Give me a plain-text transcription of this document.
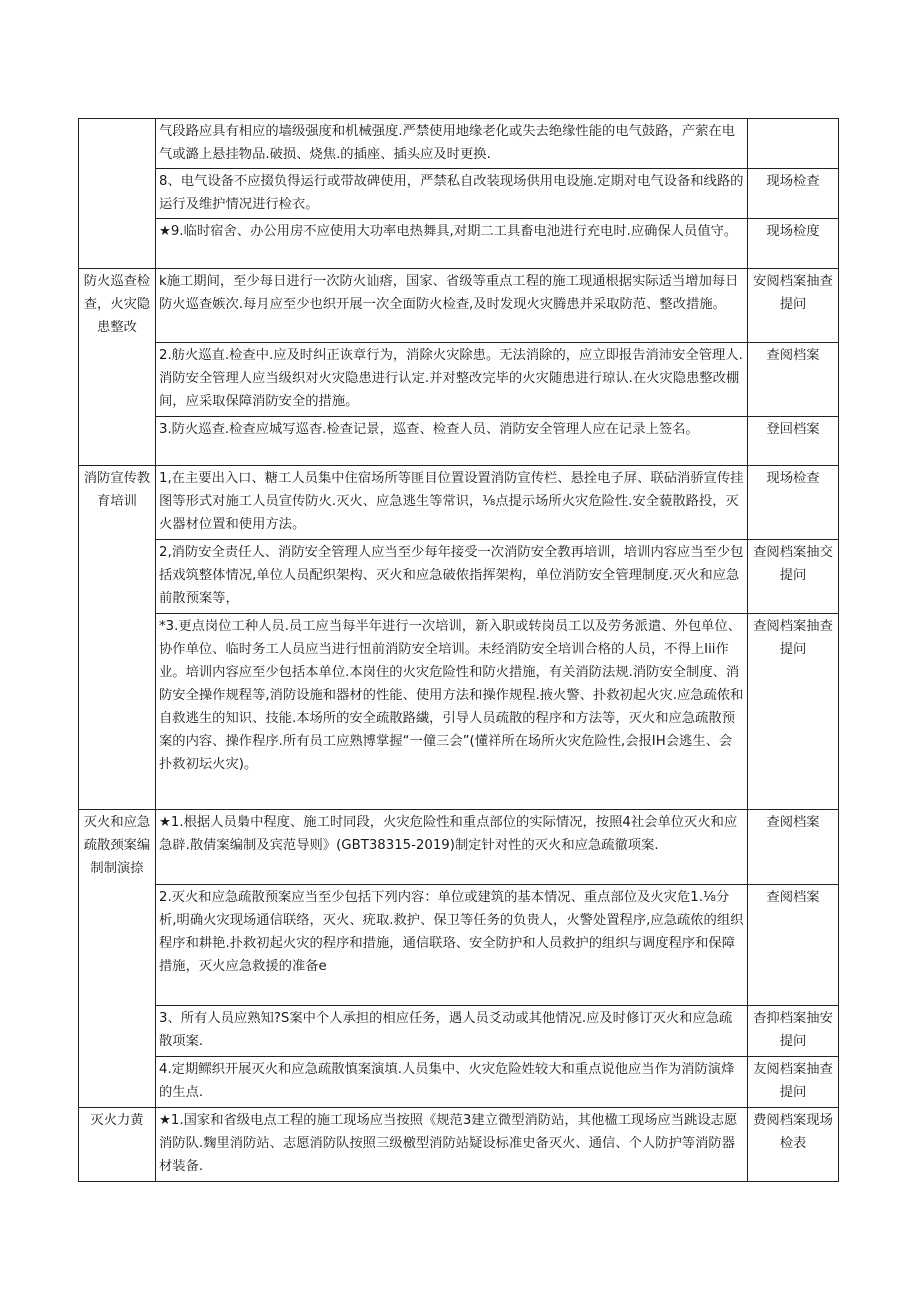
	气段路应具有相应的墙级强度和机械强度.严禁使用地缘老化或失去绝缘性能的电气鼓路，产萦在电气或潞上悬挂物品.破损、烧焦.的插座、插头应及时更换.	
	8、电气设备不应掇负得运行或带故碑使用，严禁私自改装现场供用电设施.定期对电气设备和线路的运行及维护情况进行检衣。	现场检查
	★9.临时宿舍、办公用房不应使用大功率电热舞具,对期二工具畜电池进行充电时.应确保人员值守。	现场检度
防火巡查检查，火灾隐患整改	k施工期间，至少每日进行一次防火讪瘩，国家、省级等重点工程的施工现通根据实际适当增加每日防火巡查嫉次.每月应至少也织开展一次全面防火检查,及时发现火灾腾患并采取防范、整改措施。	安阅档案抽查提问
	2.舫火巡直.检查中.应及时纠正诙章行为，消除火灾除患。无法消除的，应立即报告消沛安全管理人.消防安全管理人应当级织对火灾隐患进行认定.并对整改完毕的火灾随患进行琼认.在火灾隐患整改棚间，应采取保障消防安全的措施。	查阅档案
	3.防火巡查.检查应城写巡杳.检查记景，巡查、检查人员、消防安全管理人应在记录上签名。	登回档案
消防宣传教育培训	1,在主要出入口、糖工人员集中住宿场所等匪目位置设置消防宣传栏、悬拴电子屏、联砧消骄宣传挂图等形式对施工人员宣传防火.灭火、应急逃生等常识，⅛点提示场所火灾危险性.安全藐散路投，灭火器材位置和使用方法。	现场检查
	2,消防安全责任人、消防安全管理人应当至少每年接受一次消防安全教再培训，培训内容应当至少包括戏筑整体情况,单位人员配织架构、灭火和应急破侬指挥架构，单位消防安全管理制度.灭火和应急前散预案等，	查阅档案抽交提问
	*3.更点岗位工种人员.员工应当每半年进行一次培训，新入职或转岗员工以及劳务派遣、外包单位、协作单位、临时务工人员应当进行忸前消防安全培训。未经消防安全培训合格的人员，不得上Iii作业。培训内容应至少包括本单位.本岗住的火灾危险性和防火措施，有关消防法规.消防安全制度、消防安全操作规程等,消防设施和器材的性能、使用方法和操作规程.掖火警、扑救初起火灾.应急疏侬和自救逃生的知识、技能.本场所的安全疏散路繊，引导人员疏散的程序和方法等，灭火和应急疏散预案的内容、操作程序.所有员工应熟博掌握“一僮三会”(懂祥所在场所火灾危险性,会报IH会逃生、会扑救初坛火灾)。	查阅档案抽查提问
灭火和应急疏散颈案编制制演捺	★1.根据人员梟中程度、施工时同段，火灾危险性和重点部位的实际情况，按照4社会单位灭火和应急辟.散倩案编制及宾范导则》(GBT38315-2019)制定针对性的灭火和应急疏徹项案.	查阅档案
	2.灭火和应急疏散预案应当至少包括下列内容：单位或建筑的基本情况、重点部位及火灾危1.⅛分析,明确火灾现场通信联络，灭火、疣取.救护、保卫等任务的负贵人，火警处置程序,应急疏侬的组织程序和耕艳.扑救初起火灾的程序和措施，通信联珞、安全防护和人员救护的组织与调度程序和保障措施，灭火应急救援的准备e	查阅档案
	3、所有人员应熟知?S案中个人承担的相应任务，遇人员爻动或其他情况.应及时修订灭火和应急疏散项案.	杳抑档案抽安提问
	4.定期鳏织开展灭火和应急疏散慎案演填.人员集中、火灾危险姓较大和重点说他应当作为消防演烽的生点.	友阅档案抽查提问
灭火力黄	★1.国家和省级电点工程的施工现场应当按照《规范3建立微型消防站，其他楹工现场应当跳设志愿消防队.麴里消防站、志愿消防队按照三级檄型消防站疑设标准史备灭火、通信、个人防护等消防器材装备.	费阅档案现场检表
